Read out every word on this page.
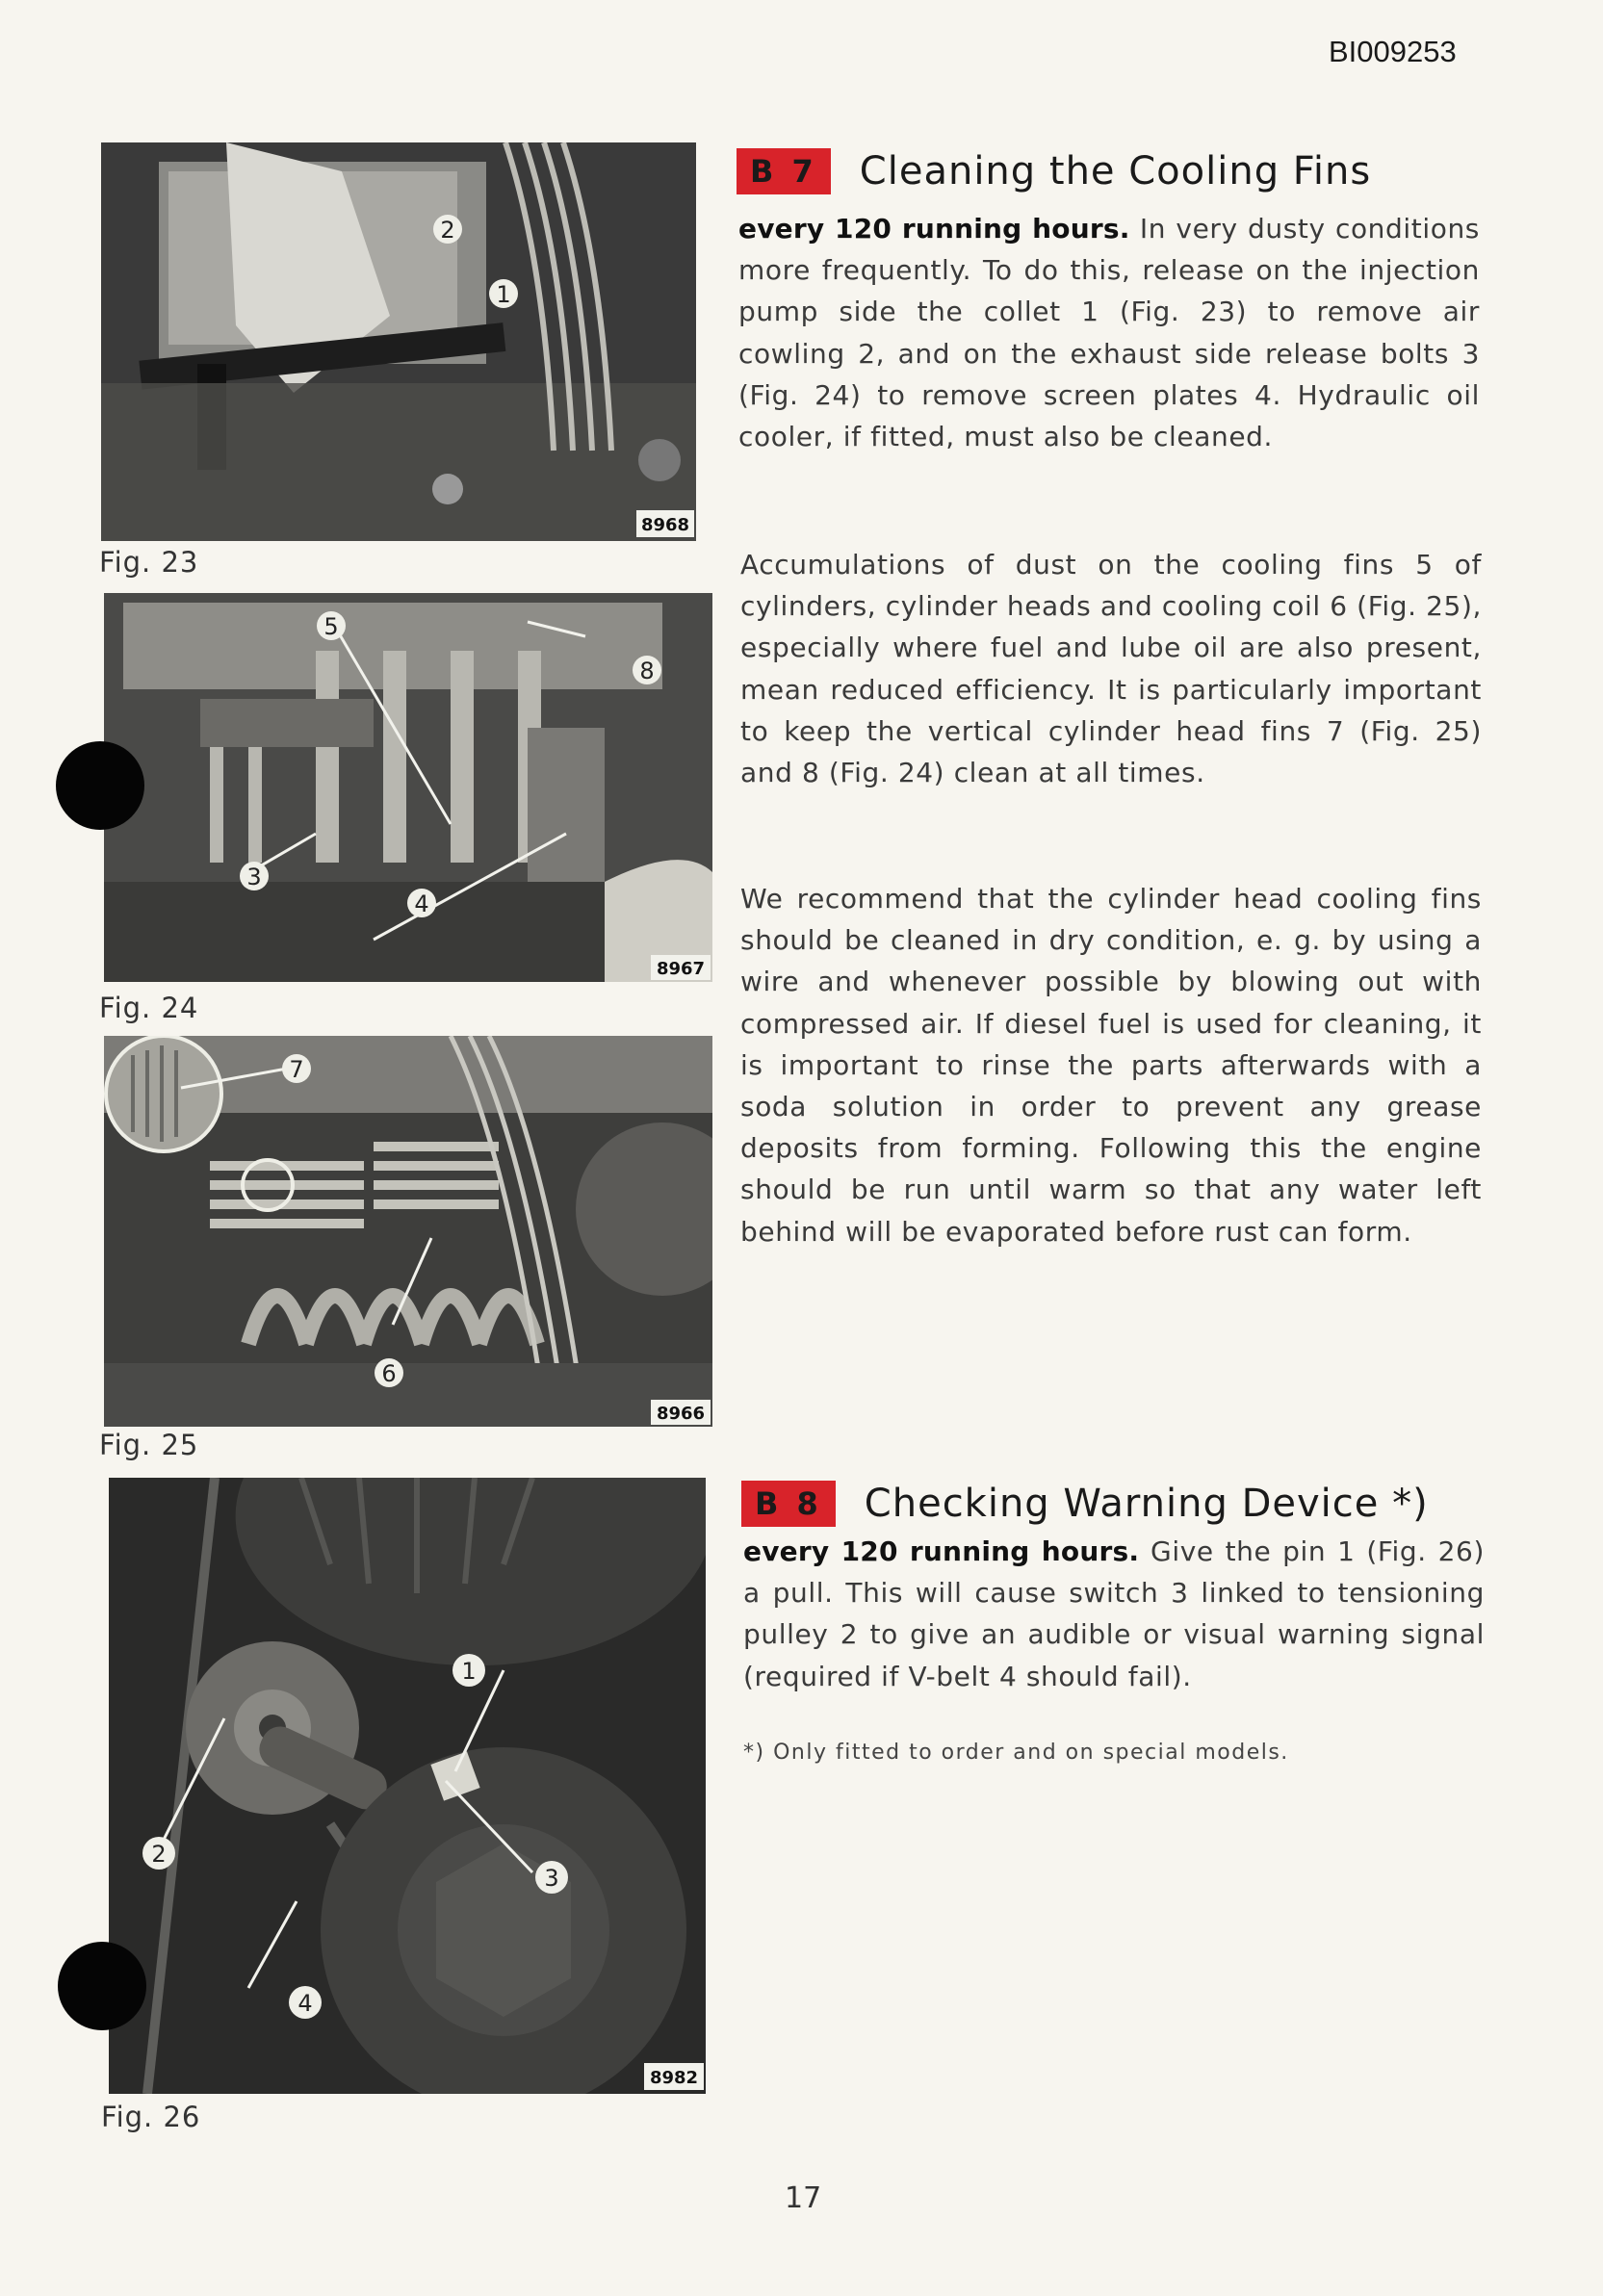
BI009253
2
1
8968
Fig. 23
5
8
3
4
8967
Fig. 24
7
6
8966
Fig. 25
1
2
3
4
8982
Fig. 26
B 7	Cleaning the Cooling Fins

every 120 running hours. In very dusty conditions more frequently. To do this, release on the injection pump side the collet 1 (Fig. 23) to remove air cowling 2, and on the exhaust side release bolts 3 (Fig. 24) to remove screen plates 4. Hydraulic oil cooler, if fitted, must also be cleaned.

Accumulations of dust on the cooling fins 5 of cylinders, cylinder heads and cooling coil 6 (Fig. 25), especially where fuel and lube oil are also present, mean reduced efficiency. It is particularly important to keep the vertical cylinder head fins 7 (Fig. 25) and 8 (Fig. 24) clean at all times.

We recommend that the cylinder head cooling fins should be cleaned in dry condition, e. g. by using a wire and whenever possible by blowing out with compressed air. If diesel fuel is used for cleaning, it is important to rinse the parts afterwards with a soda solution in order to prevent any grease deposits from forming. Following this the engine should be run until warm so that any water left behind will be evaporated before rust can form.

B 8	Checking Warning Device *)

every 120 running hours. Give the pin 1 (Fig. 26) a pull. This will cause switch 3 linked to tensioning pulley 2 to give an audible or visual warning signal (required if V-belt 4 should fail).

*) Only fitted to order and on special models.
17
